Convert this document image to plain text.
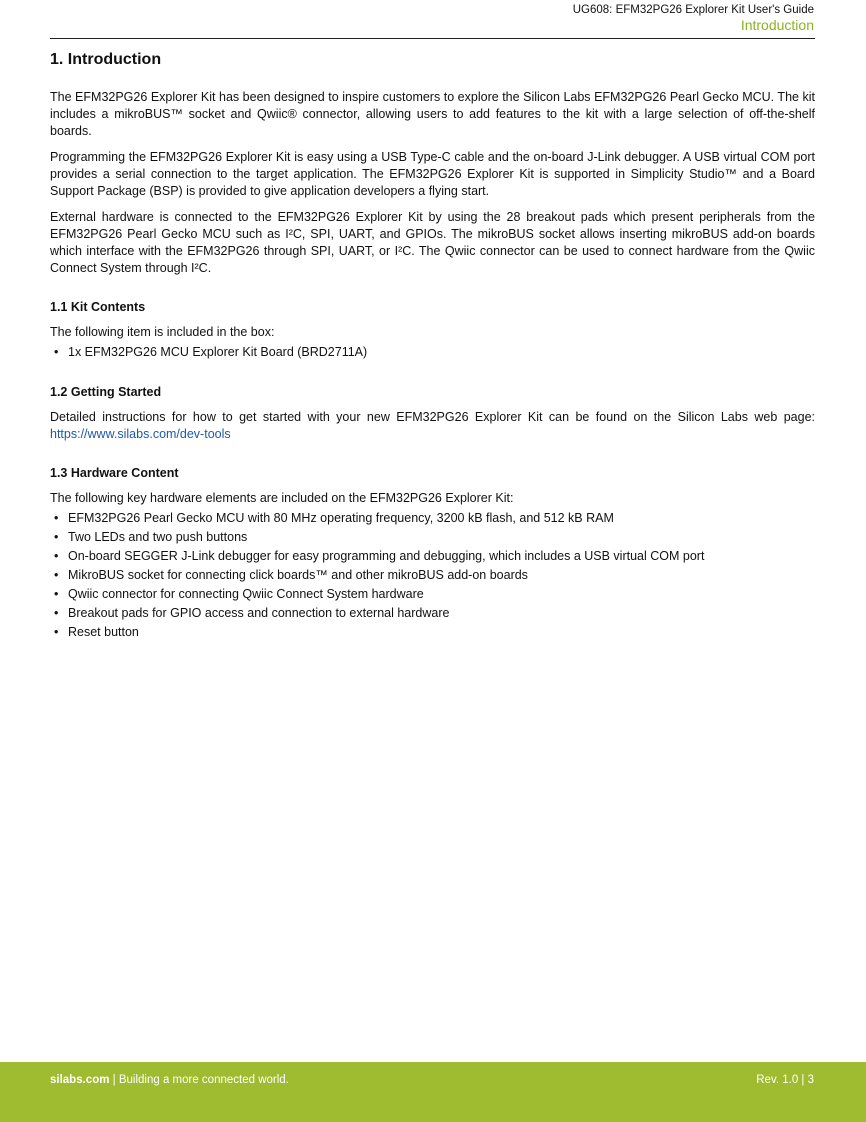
UG608: EFM32PG26 Explorer Kit User's Guide
Introduction
1. Introduction

The EFM32PG26 Explorer Kit has been designed to inspire customers to explore the Silicon Labs EFM32PG26 Pearl Gecko MCU. The kit includes a mikroBUS™ socket and Qwiic® connector, allowing users to add features to the kit with a large selection of off-the-shelf boards.

Programming the EFM32PG26 Explorer Kit is easy using a USB Type-C cable and the on-board J-Link debugger. A USB virtual COM port provides a serial connection to the target application. The EFM32PG26 Explorer Kit is supported in Simplicity Studio™ and a Board Support Package (BSP) is provided to give application developers a flying start.

External hardware is connected to the EFM32PG26 Explorer Kit by using the 28 breakout pads which present peripherals from the EFM32PG26 Pearl Gecko MCU such as I²C, SPI, UART, and GPIOs. The mikroBUS socket allows inserting mikroBUS add-on boards which interface with the EFM32PG26 through SPI, UART, or I²C. The Qwiic connector can be used to connect hardware from the Qwiic Connect System through I²C.

1.1 Kit Contents

The following item is included in the box:

• 1x EFM32PG26 MCU Explorer Kit Board (BRD2711A)
1.2 Getting Started

Detailed instructions for how to get started with your new EFM32PG26 Explorer Kit can be found on the Silicon Labs web page: https://www.silabs.com/dev-tools

1.3 Hardware Content

The following key hardware elements are included on the EFM32PG26 Explorer Kit:

• EFM32PG26 Pearl Gecko MCU with 80 MHz operating frequency, 3200 kB flash, and 512 kB RAM
• Two LEDs and two push buttons
• On-board SEGGER J-Link debugger for easy programming and debugging, which includes a USB virtual COM port
• MikroBUS socket for connecting click boards™ and other mikroBUS add-on boards
• Qwiic connector for connecting Qwiic Connect System hardware
• Breakout pads for GPIO access and connection to external hardware
• Reset button
silabs.com | Building a more connected world.	Rev. 1.0 | 3
